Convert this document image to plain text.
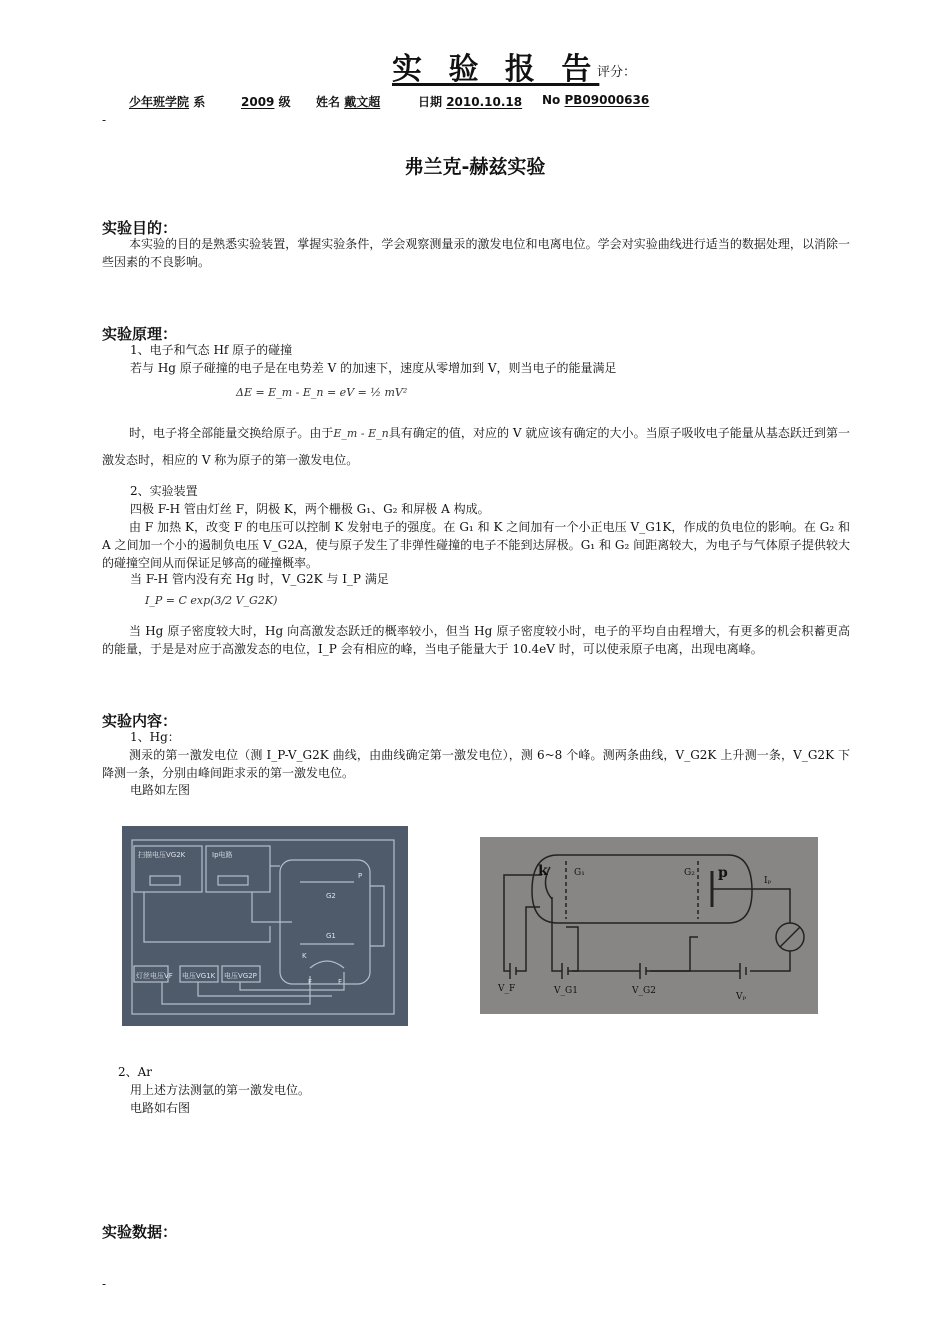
实 验 报 告
评分：
少年班学院 系	2009 级 姓名 戴文超	日期 2010.10.18 No PB09000636
-
弗兰克-赫兹实验
实验目的：
本实验的目的是熟悉实验装置，掌握实验条件，学会观察测量汞的激发电位和电离电位。学会对实验曲线进行适当的数据处理，以消除一些因素的不良影响。
实验原理：
1、电子和气态 Hf 原子的碰撞
若与 Hg 原子碰撞的电子是在电势差 V 的加速下，速度从零增加到 V，则当电子的能量满足
ΔE = E_m - E_n = eV = ½ mV²
时，电子将全部能量交换给原子。由于E_m - E_n具有确定的值，对应的 V 就应该有确定的大小。当原子吸收电子能量从基态跃迁到第一激发态时，相应的 V 称为原子的第一激发电位。
2、实验装置
四极 F-H 管由灯丝 F，阴极 K，两个栅极 G₁、G₂ 和屏极 A 构成。
由 F 加热 K，改变 F 的电压可以控制 K 发射电子的强度。在 G₁ 和 K 之间加有一个小正电压 V_G1K，作成的负电位的影响。在 G₂ 和 A 之间加一个小的遏制负电压 V_G2A，使与原子发生了非弹性碰撞的电子不能到达屏极。G₁ 和 G₂ 间距离较大，为电子与气体原子提供较大的碰撞空间从而保证足够高的碰撞概率。
当 F-H 管内没有充 Hg 时，V_G2K 与 I_P 满足
I_P = C exp(3/2 V_G2K)
当 Hg 原子密度较大时，Hg 向高激发态跃迁的概率较小，但当 Hg 原子密度较小时，电子的平均自由程增大，有更多的机会积蓄更高的能量，于是是对应于高激发态的电位，I_P 会有相应的峰，当电子能量大于 10.4eV 时，可以使汞原子电离，出现电离峰。
实验内容：
1、Hg：
测汞的第一激发电位（测 I_P-V_G2K 曲线，由曲线确定第一激发电位），测 6~8 个峰。测两条曲线，V_G2K 上升测一条，V_G2K 下降测一条，分别由峰间距求汞的第一激发电位。
电路如左图
扫描电压VG2K	Ip电路
灯丝电压VF 电压VG1K 电压VG2P
G2
G1
K
F	F
P	k	G₁	G₂ p	Iₚ
V_F	V_G1	V_G2
Vₚ
2、Ar
用上述方法测氩的第一激发电位。
电路如右图
实验数据：
-
